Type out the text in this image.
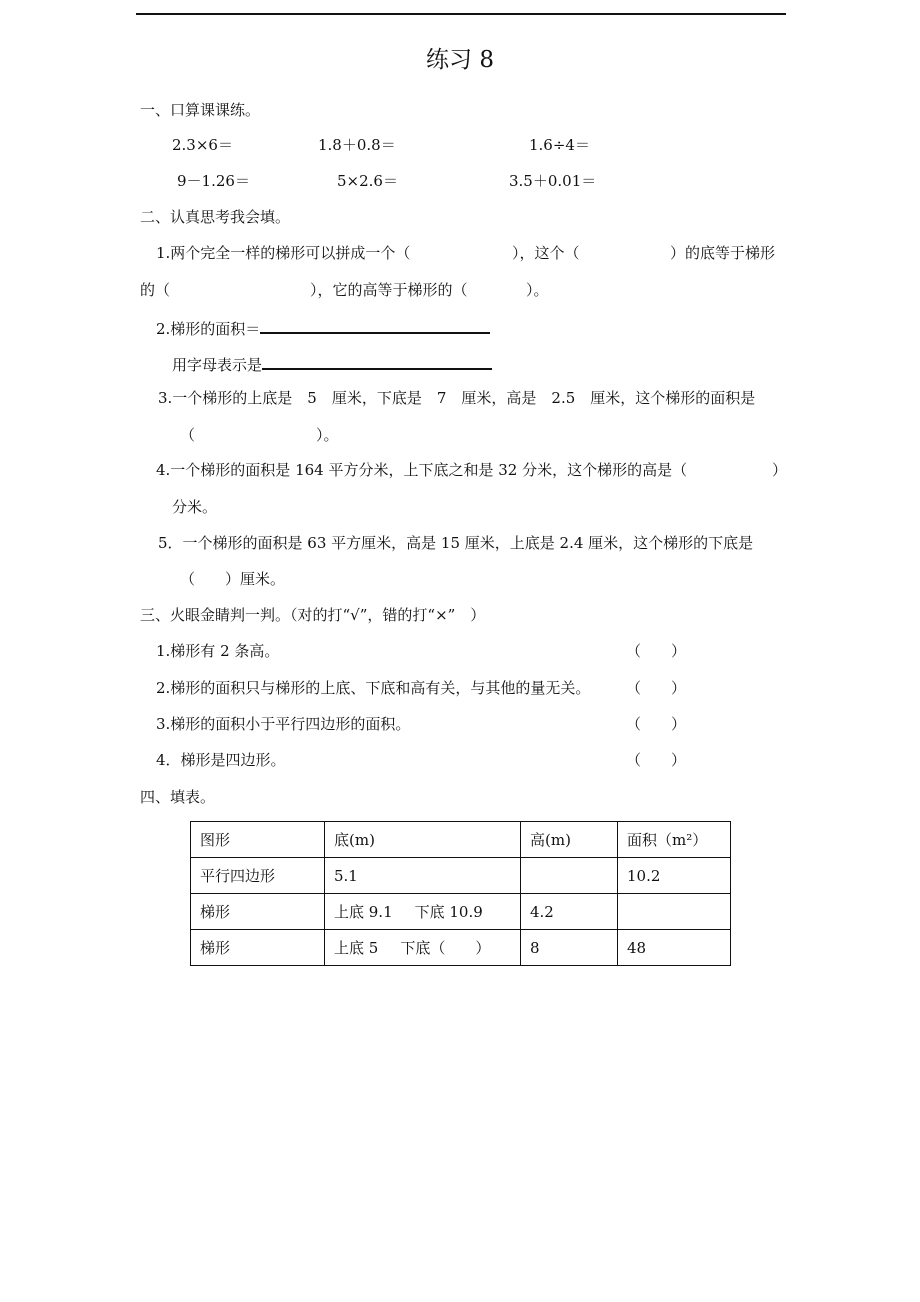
练习 8
一、口算课课练。
2.3×6＝	1.8＋0.8＝	1.6÷4＝
9－1.26＝	5×2.6＝	3.5＋0.01＝
二、认真思考我会填。
1.两个完全一样的梯形可以拼成一个（	），这个（	）的底等于梯形
的（	），它的高等于梯形的（	）。
2.梯形的面积＝
用字母表示是
3.一个梯形的上底是　5　厘米，下底是　7　厘米，高是　2.5　厘米，这个梯形的面积是
（	）。
4.一个梯形的面积是 164 平方分米，上下底之和是 32 分米，这个梯形的高是（	）
分米。
5．一个梯形的面积是 63 平方厘米，高是 15 厘米，上底是 2.4 厘米，这个梯形的下底是
（　　）厘米。
三、火眼金睛判一判。（对的打“√”，错的打“×”　）
1.梯形有 2 条高。	（　　）
2.梯形的面积只与梯形的上底、下底和高有关，与其他的量无关。 （　　）
3.梯形的面积小于平行四边形的面积。	（　　）
4．梯形是四边形。	（　　）
四、填表。
图形	底(m)	高(m)	面积（m²）
平行四边形	5.1		10.2
梯形	上底 9.1 下底 10.9	4.2	
梯形	上底 5 下底（　　）	8	48
